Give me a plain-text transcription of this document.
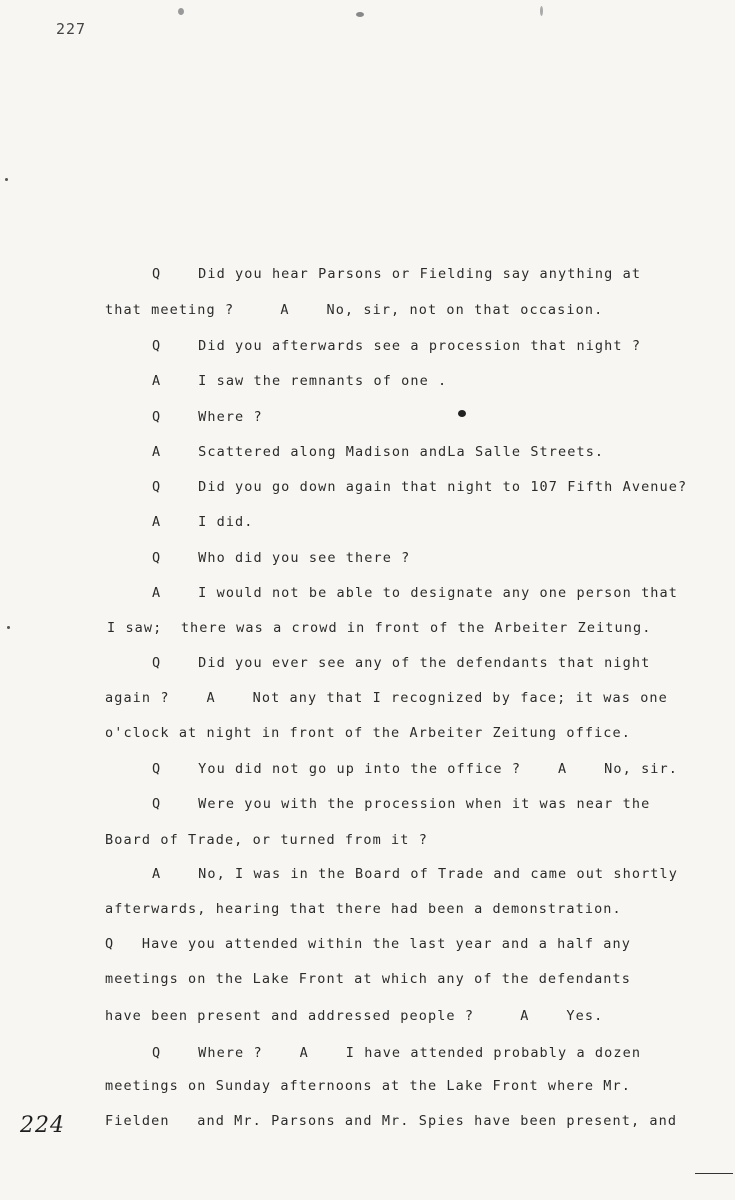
227
Q    Did you hear Parsons or Fielding say anything at
that meeting ?     A    No, sir, not on that occasion.
Q    Did you afterwards see a procession that night ?
A    I saw the remnants of one .
Q    Where ?
A    Scattered along Madison andLa Salle Streets.
Q    Did you go down again that night to 107 Fifth Avenue?
A    I did.
Q    Who did you see there ?
A    I would not be able to designate any one person that
I saw;  there was a crowd in front of the Arbeiter Zeitung.
Q    Did you ever see any of the defendants that night
again ?    A    Not any that I recognized by face; it was one
o'clock at night in front of the Arbeiter Zeitung office.
Q    You did not go up into the office ?    A    No, sir.
Q    Were you with the procession when it was near the
Board of Trade, or turned from it ?
A    No, I was in the Board of Trade and came out shortly
afterwards, hearing that there had been a demonstration.
Q   Have you attended within the last year and a half any
meetings on the Lake Front at which any of the defendants
have been present and addressed people ?     A    Yes.
Q    Where ?    A    I have attended probably a dozen
meetings on Sunday afternoons at the Lake Front where Mr.
Fielden   and Mr. Parsons and Mr. Spies have been present, and
224
